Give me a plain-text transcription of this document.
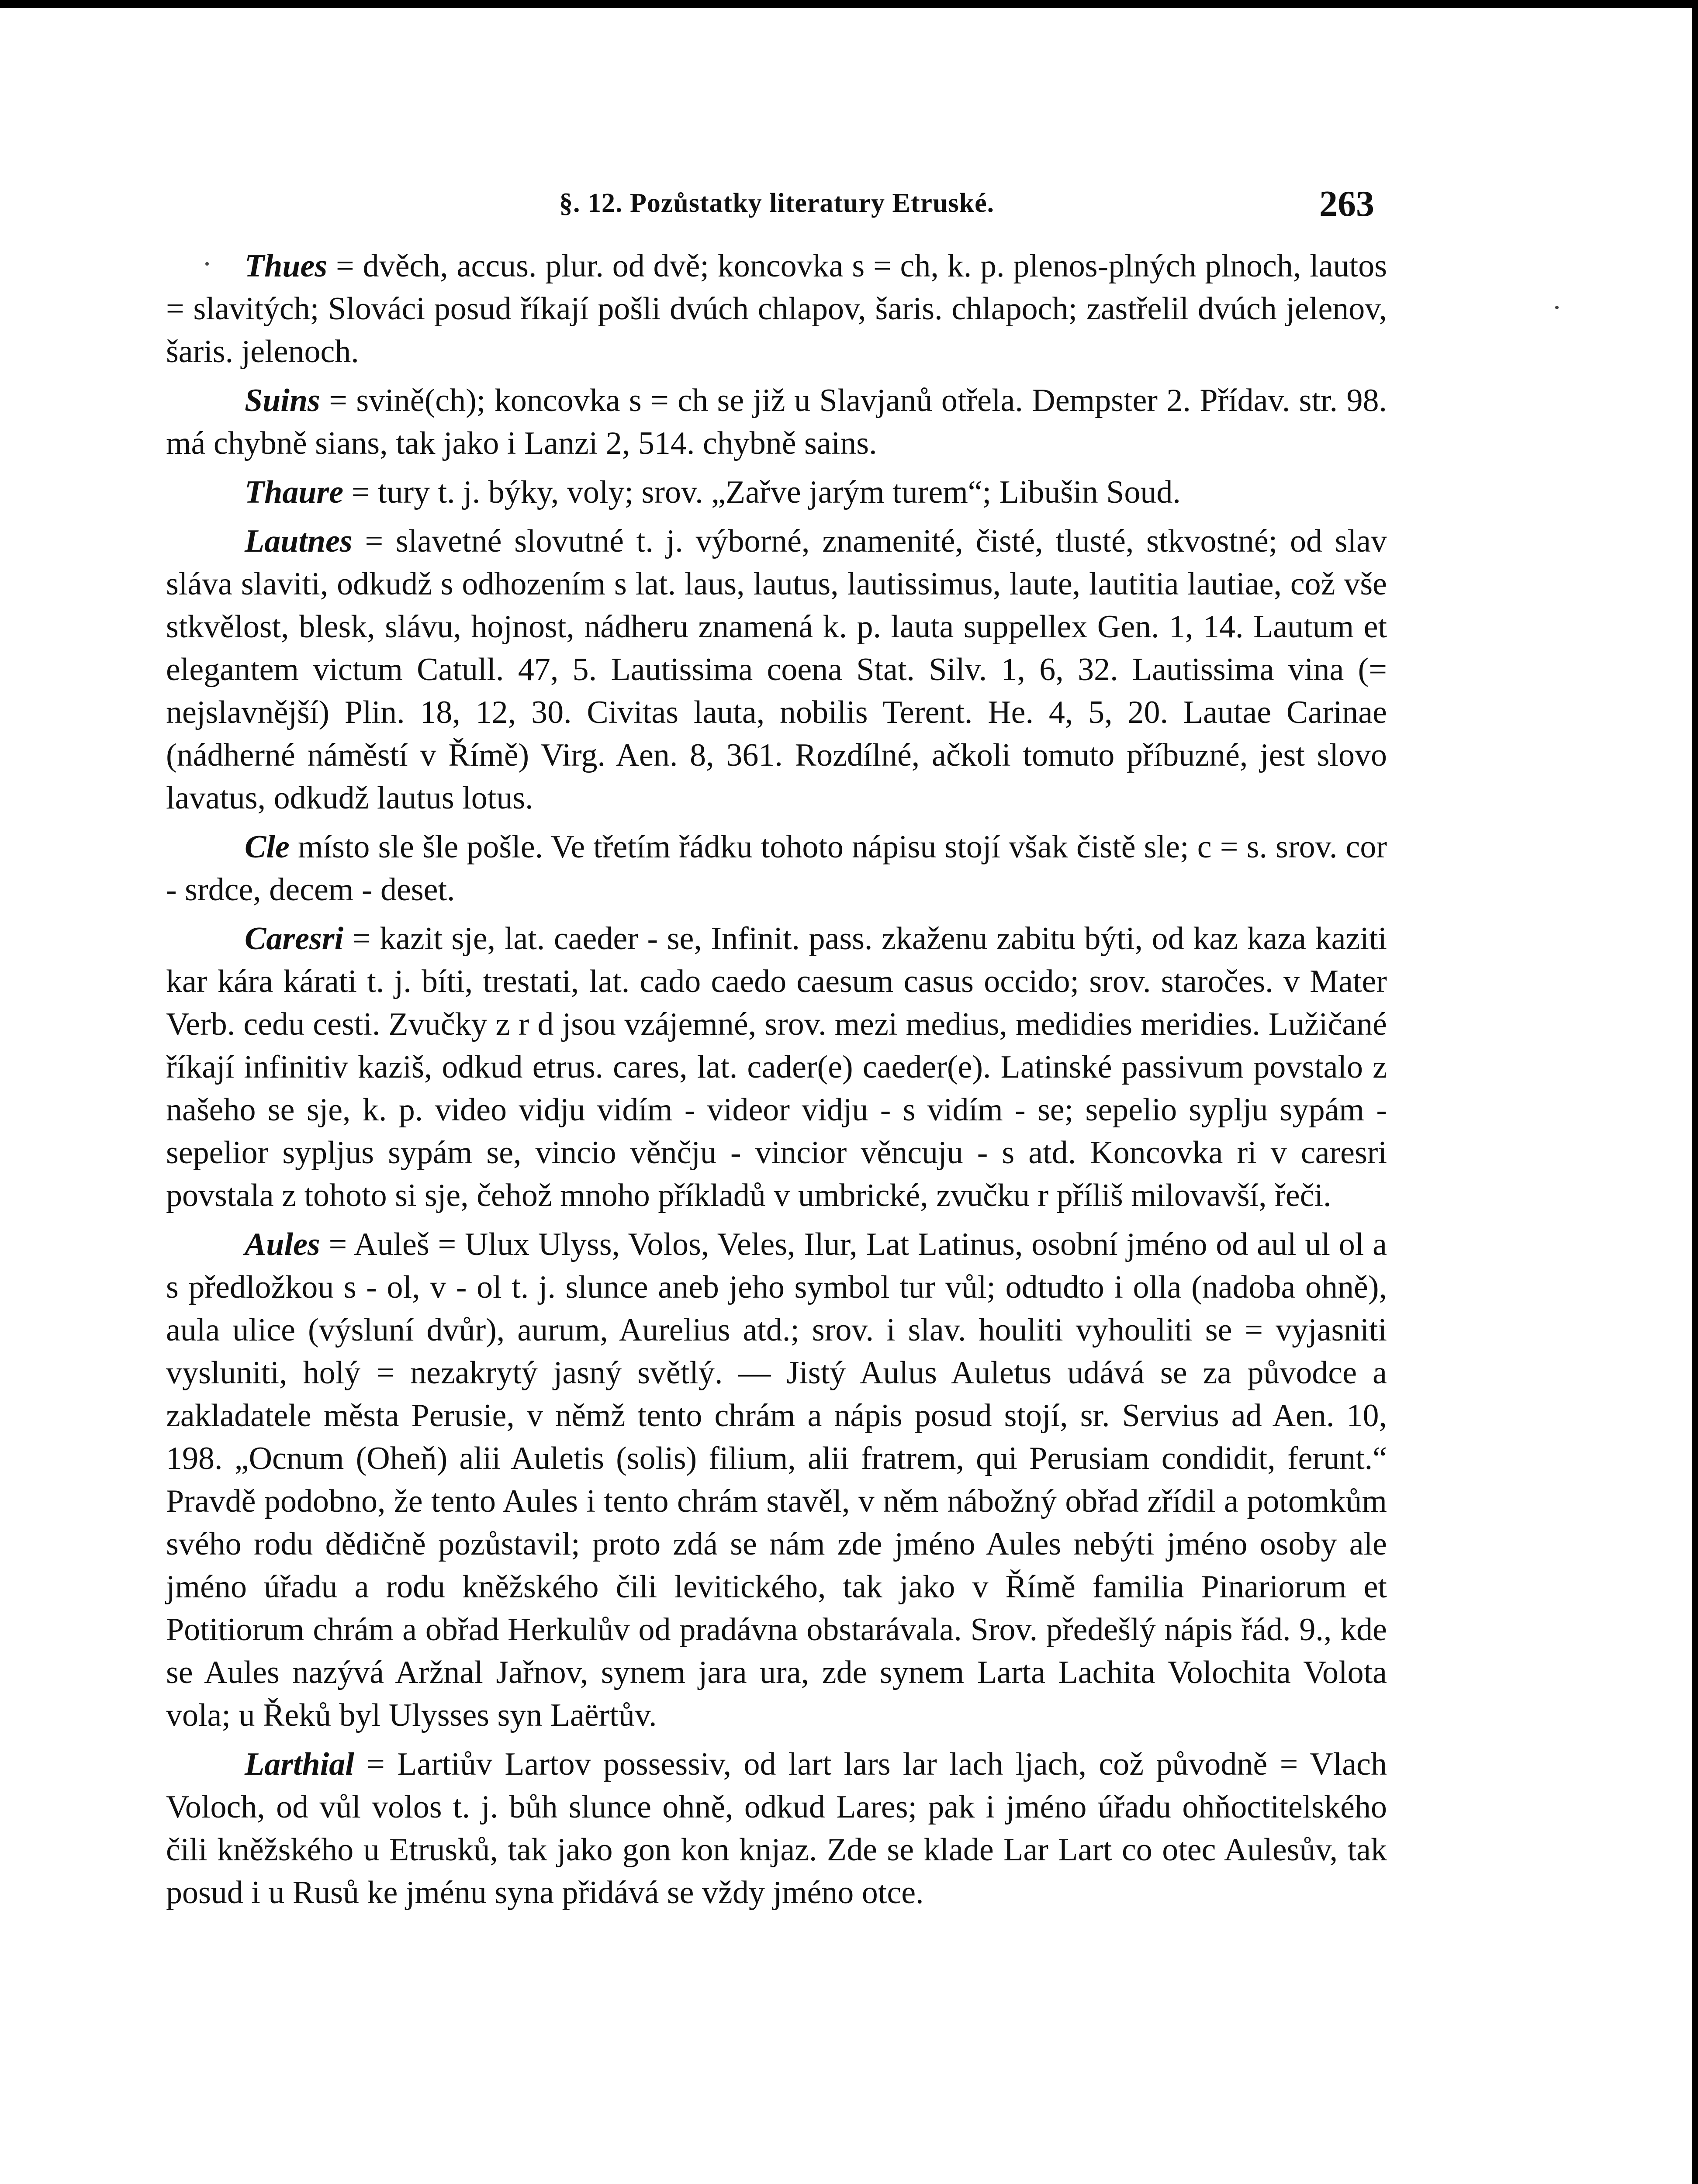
§. 12. Pozůstatky literatury Etruské.	263

Thues = dvěch, accus. plur. od dvě; koncovka s = ch, k. p. plenos-plných plnoch, lautos = slavitých; Slováci posud říkají pošli dvúch chlapov, šaris. chlapoch; zastřelil dvúch jelenov, šaris. jelenoch.

Suins = svině(ch); koncovka s = ch se již u Slavjanů otřela. Dempster 2. Přídav. str. 98. má chybně sians, tak jako i Lanzi 2, 514. chybně sains.

Thaure = tury t. j. býky, voly; srov. „Zařve jarým turem“; Libušin Soud.

Lautnes = slavetné slovutné t. j. výborné, znamenité, čisté, tlusté, stkvostné; od slav sláva slaviti, odkudž s odhozením s lat. laus, lautus, lautissimus, laute, lautitia lautiae, což vše stkvělost, blesk, slávu, hojnost, nádheru znamená k. p. lauta suppellex Gen. 1, 14. Lautum et elegantem victum Catull. 47, 5. Lautissima coena Stat. Silv. 1, 6, 32. Lautissima vina (= nejslavnější) Plin. 18, 12, 30. Civitas lauta, nobilis Terent. He. 4, 5, 20. Lautae Carinae (nádherné náměstí v Římě) Virg. Aen. 8, 361. Rozdílné, ačkoli tomuto příbuzné, jest slovo lavatus, odkudž lautus lotus.

Cle místo sle šle pošle. Ve třetím řádku tohoto nápisu stojí však čistě sle; c = s. srov. cor - srdce, decem - deset.

Caresri = kazit sje, lat. caeder - se, Infinit. pass. zkaženu zabitu býti, od kaz kaza kaziti kar kára kárati t. j. bíti, trestati, lat. cado caedo caesum casus occido; srov. staročes. v Mater Verb. cedu cesti. Zvučky z r d jsou vzájemné, srov. mezi medius, medidies meridies. Lužičané říkají infinitiv kaziš, odkud etrus. cares, lat. cader(e) caeder(e). Latinské passivum povstalo z našeho se sje, k. p. video vidju vidím - videor vidju - s vidím - se; sepelio syplju sypám - sepelior sypljus sypám se, vincio věnčju - vincior věncuju - s atd. Koncovka ri v caresri povstala z tohoto si sje, čehož mnoho příkladů v umbrické, zvučku r příliš milovavší, řeči.

Aules = Auleš = Ulux Ulyss, Volos, Veles, Ilur, Lat Latinus, osobní jméno od aul ul ol a s předložkou s - ol, v - ol t. j. slunce aneb jeho symbol tur vůl; odtudto i olla (nadoba ohně), aula ulice (výsluní dvůr), aurum, Aurelius atd.; srov. i slav. houliti vyhouliti se = vyjasniti vysluniti, holý = nezakrytý jasný světlý. — Jistý Aulus Auletus udává se za původce a zakladatele města Perusie, v němž tento chrám a nápis posud stojí, sr. Servius ad Aen. 10, 198. „Ocnum (Oheň) alii Auletis (solis) filium, alii fratrem, qui Perusiam condidit, ferunt.“ Pravdě podobno, že tento Aules i tento chrám stavěl, v něm nábožný obřad zřídil a potomkům svého rodu dědičně pozůstavil; proto zdá se nám zde jméno Aules nebýti jméno osoby ale jméno úřadu a rodu kněžského čili levitického, tak jako v Římě familia Pinariorum et Potitiorum chrám a obřad Herkulův od pradávna obstarávala. Srov. předešlý nápis řád. 9., kde se Aules nazývá Aržnal Jařnov, synem jara ura, zde synem Larta Lachita Volochita Volota vola; u Řeků byl Ulysses syn Laërtův.

Larthial = Lartiův Lartov possessiv, od lart lars lar lach ljach, což původně = Vlach Voloch, od vůl volos t. j. bůh slunce ohně, odkud Lares; pak i jméno úřadu ohňoctitelského čili kněžského u Etrusků, tak jako gon kon knjaz. Zde se klade Lar Lart co otec Aulesův, tak posud i u Rusů ke jménu syna přidává se vždy jméno otce.
